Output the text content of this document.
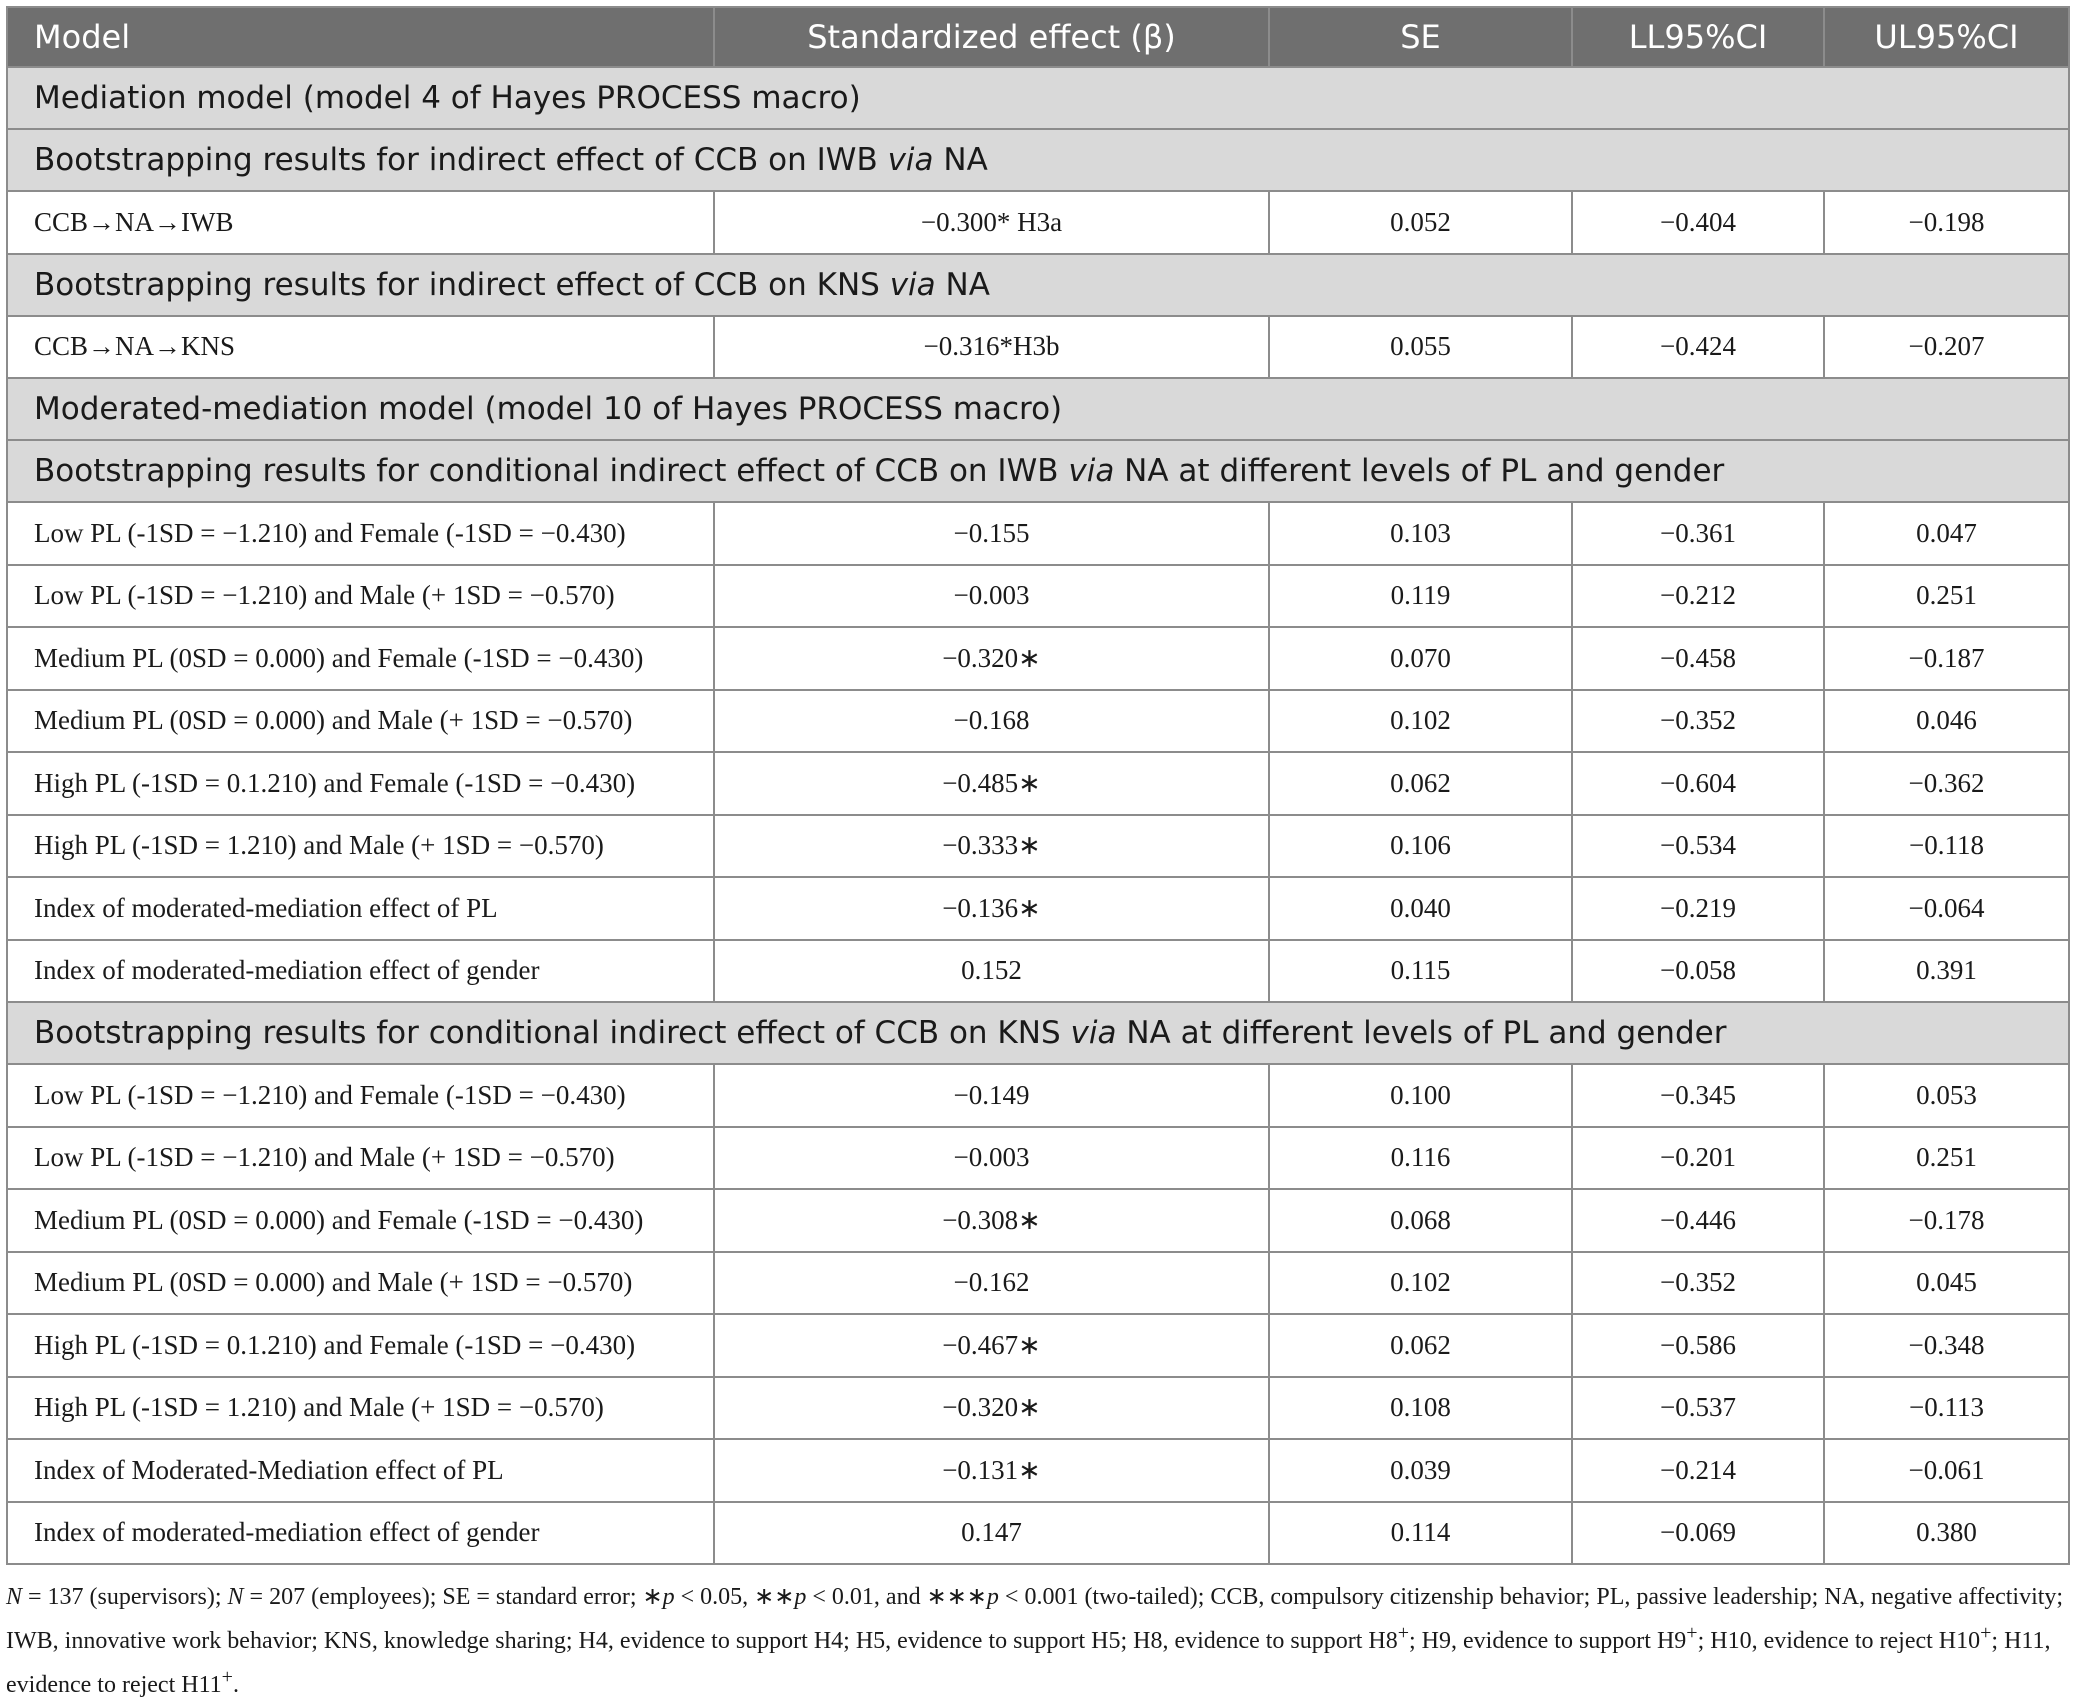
Model	Standardized effect (β)	SE	LL95%CI	UL95%CI
Mediation model (model 4 of Hayes PROCESS macro)				
Bootstrapping results for indirect effect of CCB on IWB via NA				
CCB→NA→IWB	−0.300* H3a	0.052	−0.404	−0.198
Bootstrapping results for indirect effect of CCB on KNS via NA				
CCB→NA→KNS	−0.316*H3b	0.055	−0.424	−0.207
Moderated-mediation model (model 10 of Hayes PROCESS macro)				
Bootstrapping results for conditional indirect effect of CCB on IWB via NA at different levels of PL and gender				
Low PL (-1SD = −1.210) and Female (-1SD = −0.430)	−0.155	0.103	−0.361	0.047
Low PL (-1SD = −1.210) and Male (+ 1SD = −0.570)	−0.003	0.119	−0.212	0.251
Medium PL (0SD = 0.000) and Female (-1SD = −0.430)	−0.320∗	0.070	−0.458	−0.187
Medium PL (0SD = 0.000) and Male (+ 1SD = −0.570)	−0.168	0.102	−0.352	0.046
High PL (-1SD = 0.1.210) and Female (-1SD = −0.430)	−0.485∗	0.062	−0.604	−0.362
High PL (-1SD = 1.210) and Male (+ 1SD = −0.570)	−0.333∗	0.106	−0.534	−0.118
Index of moderated-mediation effect of PL	−0.136∗	0.040	−0.219	−0.064
Index of moderated-mediation effect of gender	0.152	0.115	−0.058	0.391
Bootstrapping results for conditional indirect effect of CCB on KNS via NA at different levels of PL and gender				
Low PL (-1SD = −1.210) and Female (-1SD = −0.430)	−0.149	0.100	−0.345	0.053
Low PL (-1SD = −1.210) and Male (+ 1SD = −0.570)	−0.003	0.116	−0.201	0.251
Medium PL (0SD = 0.000) and Female (-1SD = −0.430)	−0.308∗	0.068	−0.446	−0.178
Medium PL (0SD = 0.000) and Male (+ 1SD = −0.570)	−0.162	0.102	−0.352	0.045
High PL (-1SD = 0.1.210) and Female (-1SD = −0.430)	−0.467∗	0.062	−0.586	−0.348
High PL (-1SD = 1.210) and Male (+ 1SD = −0.570)	−0.320∗	0.108	−0.537	−0.113
Index of Moderated-Mediation effect of PL	−0.131∗	0.039	−0.214	−0.061
Index of moderated-mediation effect of gender	0.147	0.114	−0.069	0.380
N = 137 (supervisors); N = 207 (employees); SE = standard error; ∗p < 0.05, ∗∗p < 0.01, and ∗∗∗p < 0.001 (two-tailed); CCB, compulsory citizenship behavior; PL, passive leadership; NA, negative affectivity; IWB, innovative work behavior; KNS, knowledge sharing; H4, evidence to support H4; H5, evidence to support H5; H8, evidence to support H8+; H9, evidence to support H9+; H10, evidence to reject H10+; H11, evidence to reject H11+.
